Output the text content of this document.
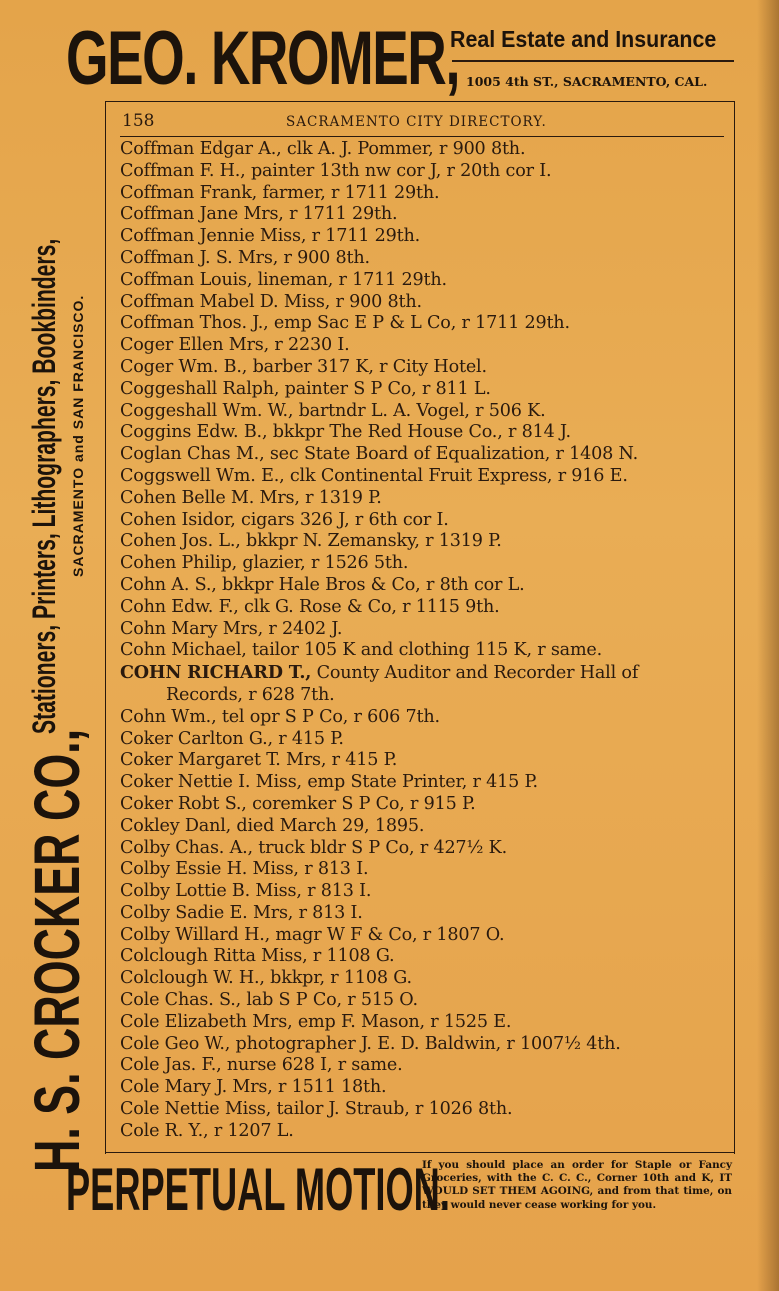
GEO. KROMER,
Real Estate and Insurance
1005 4th ST., SACRAMENTO, CAL.
H. S. CROCKER CO.,
Stationers, Printers, Lithographers, Bookbinders, SACRAMENTO and SAN FRANCISCO.
158	SACRAMENTO CITY DIRECTORY.
Coffman Edgar A., clk A. J. Pommer, r 900 8th.
Coffman F. H., painter 13th nw cor J, r 20th cor I.
Coffman Frank, farmer, r 1711 29th.
Coffman Jane Mrs, r 1711 29th.
Coffman Jennie Miss, r 1711 29th.
Coffman J. S. Mrs, r 900 8th.
Coffman Louis, lineman, r 1711 29th.
Coffman Mabel D. Miss, r 900 8th.
Coffman Thos. J., emp Sac E P & L Co, r 1711 29th.
Coger Ellen Mrs, r 2230 I.
Coger Wm. B., barber 317 K, r City Hotel.
Coggeshall Ralph, painter S P Co, r 811 L.
Coggeshall Wm. W., bartndr L. A. Vogel, r 506 K.
Coggins Edw. B., bkkpr The Red House Co., r 814 J.
Coglan Chas M., sec State Board of Equalization, r 1408 N.
Coggswell Wm. E., clk Continental Fruit Express, r 916 E.
Cohen Belle M. Mrs, r 1319 P.
Cohen Isidor, cigars 326 J, r 6th cor I.
Cohen Jos. L., bkkpr N. Zemansky, r 1319 P.
Cohen Philip, glazier, r 1526 5th.
Cohn A. S., bkkpr Hale Bros & Co, r 8th cor L.
Cohn Edw. F., clk G. Rose & Co, r 1115 9th.
Cohn Mary Mrs, r 2402 J.
Cohn Michael, tailor 105 K and clothing 115 K, r same.
COHN RICHARD T., County Auditor and Recorder Hall of
Records, r 628 7th.
Cohn Wm., tel opr S P Co, r 606 7th.
Coker Carlton G., r 415 P.
Coker Margaret T. Mrs, r 415 P.
Coker Nettie I. Miss, emp State Printer, r 415 P.
Coker Robt S., coremker S P Co, r 915 P.
Cokley Danl, died March 29, 1895.
Colby Chas. A., truck bldr S P Co, r 427½ K.
Colby Essie H. Miss, r 813 I.
Colby Lottie B. Miss, r 813 I.
Colby Sadie E. Mrs, r 813 I.
Colby Willard H., magr W F & Co, r 1807 O.
Colclough Ritta Miss, r 1108 G.
Colclough W. H., bkkpr, r 1108 G.
Cole Chas. S., lab S P Co, r 515 O.
Cole Elizabeth Mrs, emp F. Mason, r 1525 E.
Cole Geo W., photographer J. E. D. Baldwin, r 1007½ 4th.
Cole Jas. F., nurse 628 I, r same.
Cole Mary J. Mrs, r 1511 18th.
Cole Nettie Miss, tailor J. Straub, r 1026 8th.
Cole R. Y., r 1207 L.
PERPETUAL MOTION.
If you should place an order for Staple or Fancy Groceries, with the C. C. C., Corner 10th and K, IT WOULD SET THEM AGOING, and from that time, on they would never cease working for you.
